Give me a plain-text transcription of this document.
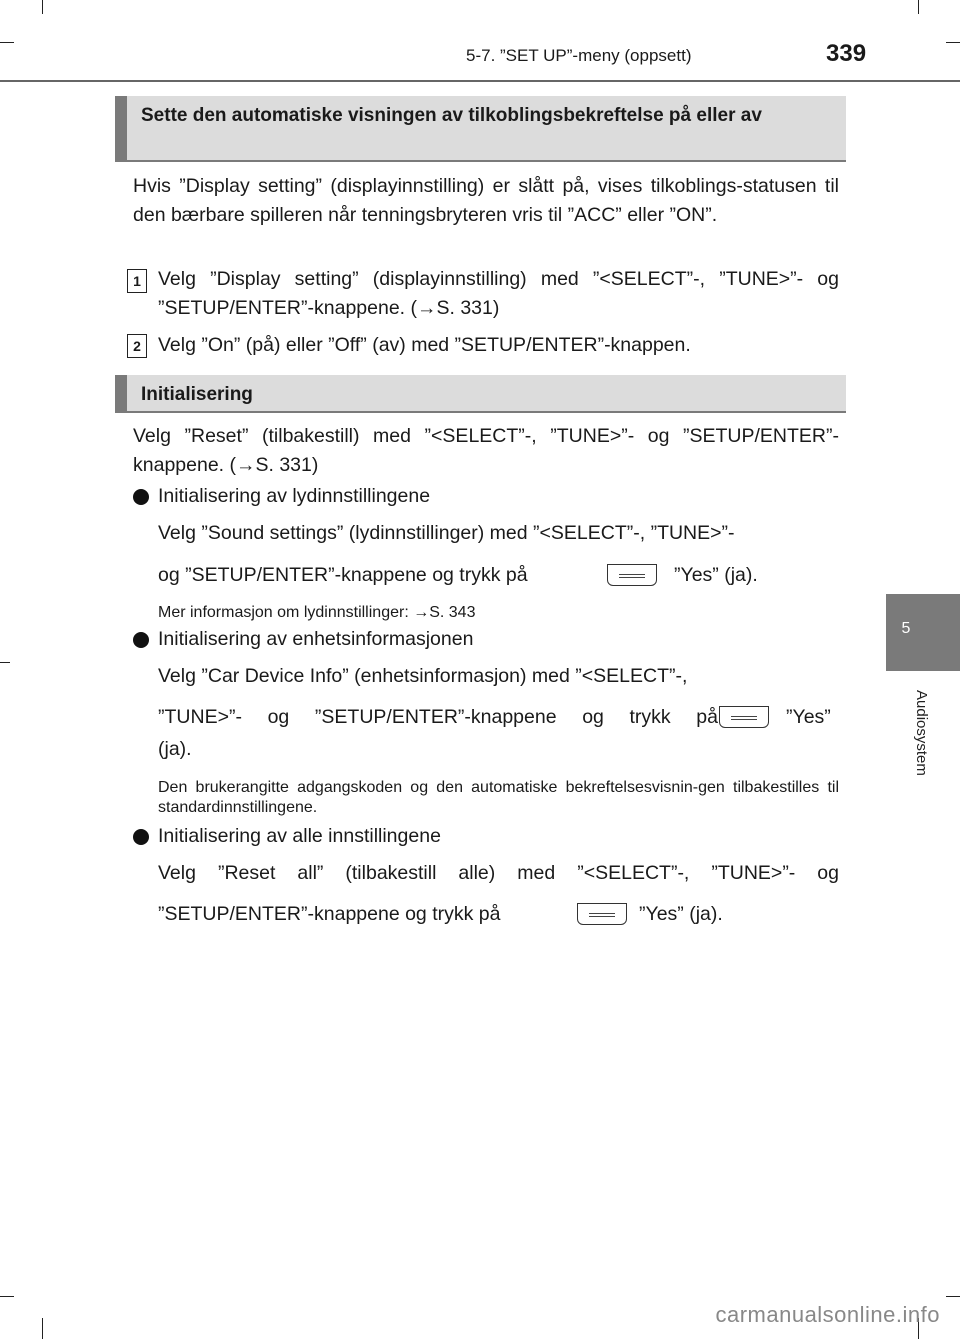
5-7. ”SET UP”-meny (oppsett)	339
Sette den automatiske visningen av tilkoblingsbekreftelse på eller av
Hvis ”Display setting” (displayinnstilling) er slått på, vises tilkoblings-statusen til den bærbare spilleren når tenningsbryteren vris til ”ACC” eller ”ON”.
1 Velg ”Display setting” (displayinnstilling) med ”<SELECT”-, ”TUNE>”- og ”SETUP/ENTER”-knappene. (→S. 331)
2 Velg ”On” (på) eller ”Off” (av) med ”SETUP/ENTER”-knappen.
Initialisering
Velg ”Reset” (tilbakestill) med ”<SELECT”-, ”TUNE>”- og ”SETUP/ENTER”-knappene. (→S. 331)
Initialisering av lydinnstillingene
Velg ”Sound settings” (lydinnstillinger) med ”<SELECT”-, ”TUNE>”-
og ”SETUP/ENTER”-knappene og trykk på	”Yes” (ja).
Mer informasjon om lydinnstillinger: →S. 343
Initialisering av enhetsinformasjonen
Velg ”Car Device Info” (enhetsinformasjon) med ”<SELECT”-,
”TUNE>”- og ”SETUP/ENTER”-knappene og trykk på	”Yes”
(ja).
Den brukerangitte adgangskoden og den automatiske bekreftelsesvisnin-gen tilbakestilles til standardinnstillingene.
Initialisering av alle innstillingene
Velg ”Reset all” (tilbakestill alle) med ”<SELECT”-, ”TUNE>”- og
”SETUP/ENTER”-knappene og trykk på	”Yes” (ja).
5
Audiosystem
carmanualsonline.info
